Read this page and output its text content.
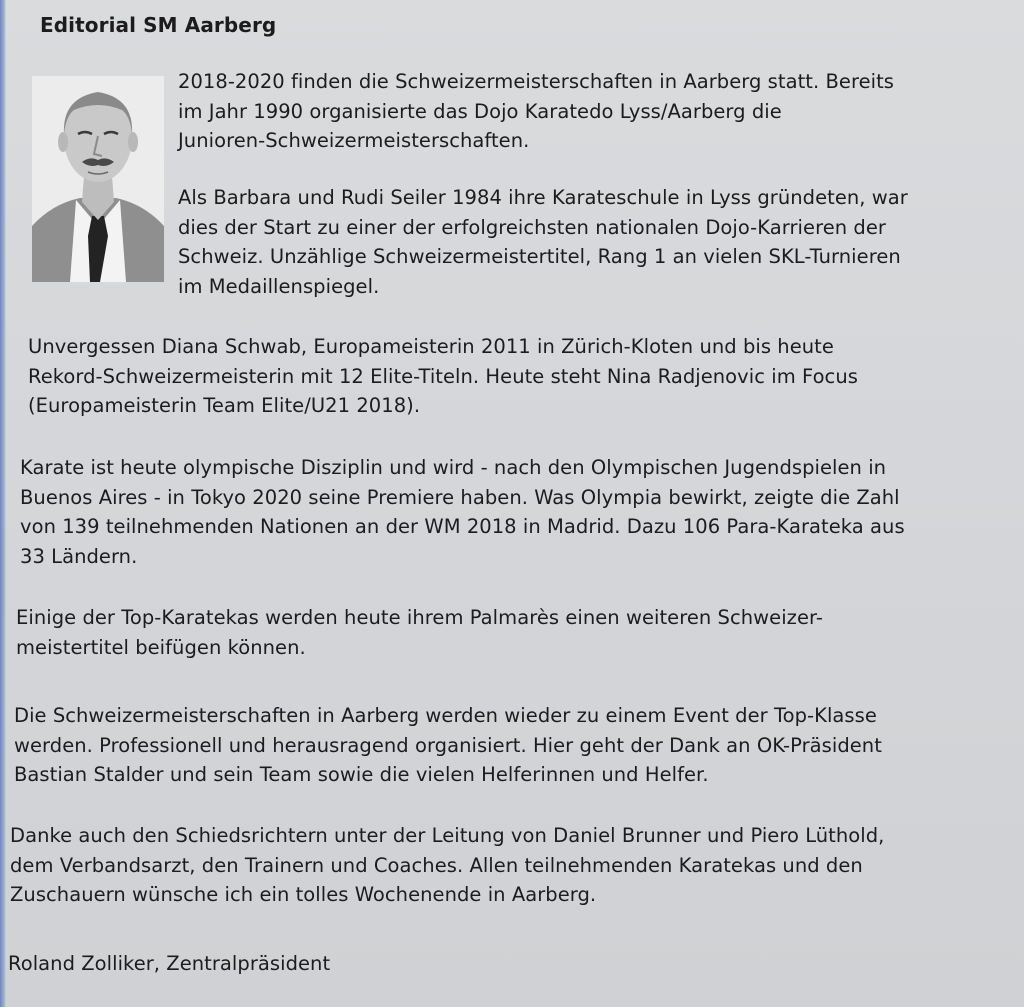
Editorial SM Aarberg
2018-2020 finden die Schweizermeisterschaften in Aarberg statt. Bereits
im Jahr 1990 organisierte das Dojo Karatedo Lyss/Aarberg die
Junioren-Schweizermeisterschaften.
Als Barbara und Rudi Seiler 1984 ihre Karateschule in Lyss gründeten, war
dies der Start zu einer der erfolgreichsten nationalen Dojo-Karrieren der
Schweiz. Unzählige Schweizermeistertitel, Rang 1 an vielen SKL-Turnieren
im Medaillenspiegel.
Unvergessen Diana Schwab, Europameisterin 2011 in Zürich-Kloten und bis heute
Rekord-Schweizermeisterin mit 12 Elite-Titeln. Heute steht Nina Radjenovic im Focus
(Europameisterin Team Elite/U21 2018).
Karate ist heute olympische Disziplin und wird - nach den Olympischen Jugendspielen in
Buenos Aires - in Tokyo 2020 seine Premiere haben. Was Olympia bewirkt, zeigte die Zahl
von 139 teilnehmenden Nationen an der WM 2018 in Madrid. Dazu 106 Para-Karateka aus
33 Ländern.
Einige der Top-Karatekas werden heute ihrem Palmarès einen weiteren Schweizer-
meistertitel beifügen können.
Die Schweizermeisterschaften in Aarberg werden wieder zu einem Event der Top-Klasse
werden. Professionell und herausragend organisiert. Hier geht der Dank an OK-Präsident
Bastian Stalder und sein Team sowie die vielen Helferinnen und Helfer.
Danke auch den Schiedsrichtern unter der Leitung von Daniel Brunner und Piero Lüthold,
dem Verbandsarzt, den Trainern und Coaches. Allen teilnehmenden Karatekas und den
Zuschauern wünsche ich ein tolles Wochenende in Aarberg.
Roland Zolliker, Zentralpräsident
